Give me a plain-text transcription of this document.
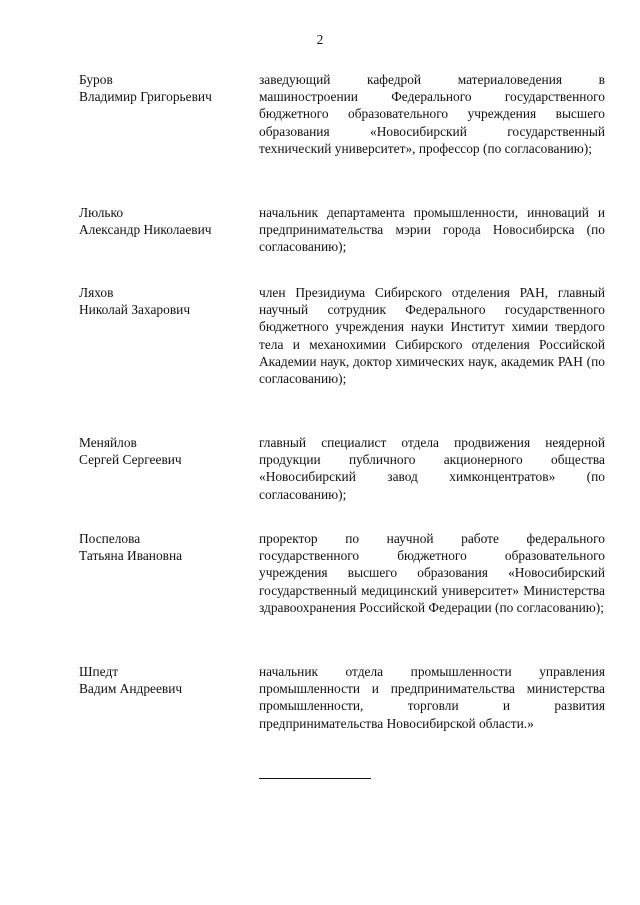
2
Буров
Владимир Григорьевич
заведующий кафедрой материаловедения в машиностроении Федерального государственного бюджетного образовательного учреждения высшего образования «Новосибирский государственный технический университет», профессор (по согласованию);
Люлько
Александр Николаевич
начальник департамента промышленности, инноваций и предпринимательства мэрии города Новосибирска (по согласованию);
Ляхов
Николай Захарович
член Президиума Сибирского отделения РАН, главный научный сотрудник Федерального государственного бюджетного учреждения науки Институт химии твердого тела и механохимии Сибирского отделения Российской Академии наук, доктор химических наук, академик РАН (по согласованию);
Меняйлов
Сергей Сергеевич
главный специалист отдела продвижения неядерной продукции публичного акционерного общества «Новосибирский завод химконцентратов» (по согласованию);
Поспелова
Татьяна Ивановна
проректор по научной работе федерального государственного бюджетного образовательного учреждения высшего образования «Новосибирский государственный медицинский университет» Министерства здравоохранения Российской Федерации (по согласованию);
Шпедт
Вадим Андреевич
начальник отдела промышленности управления промышленности и предпринимательства министерства промышленности, торговли и развития предпринимательства Новосибирской области.»
